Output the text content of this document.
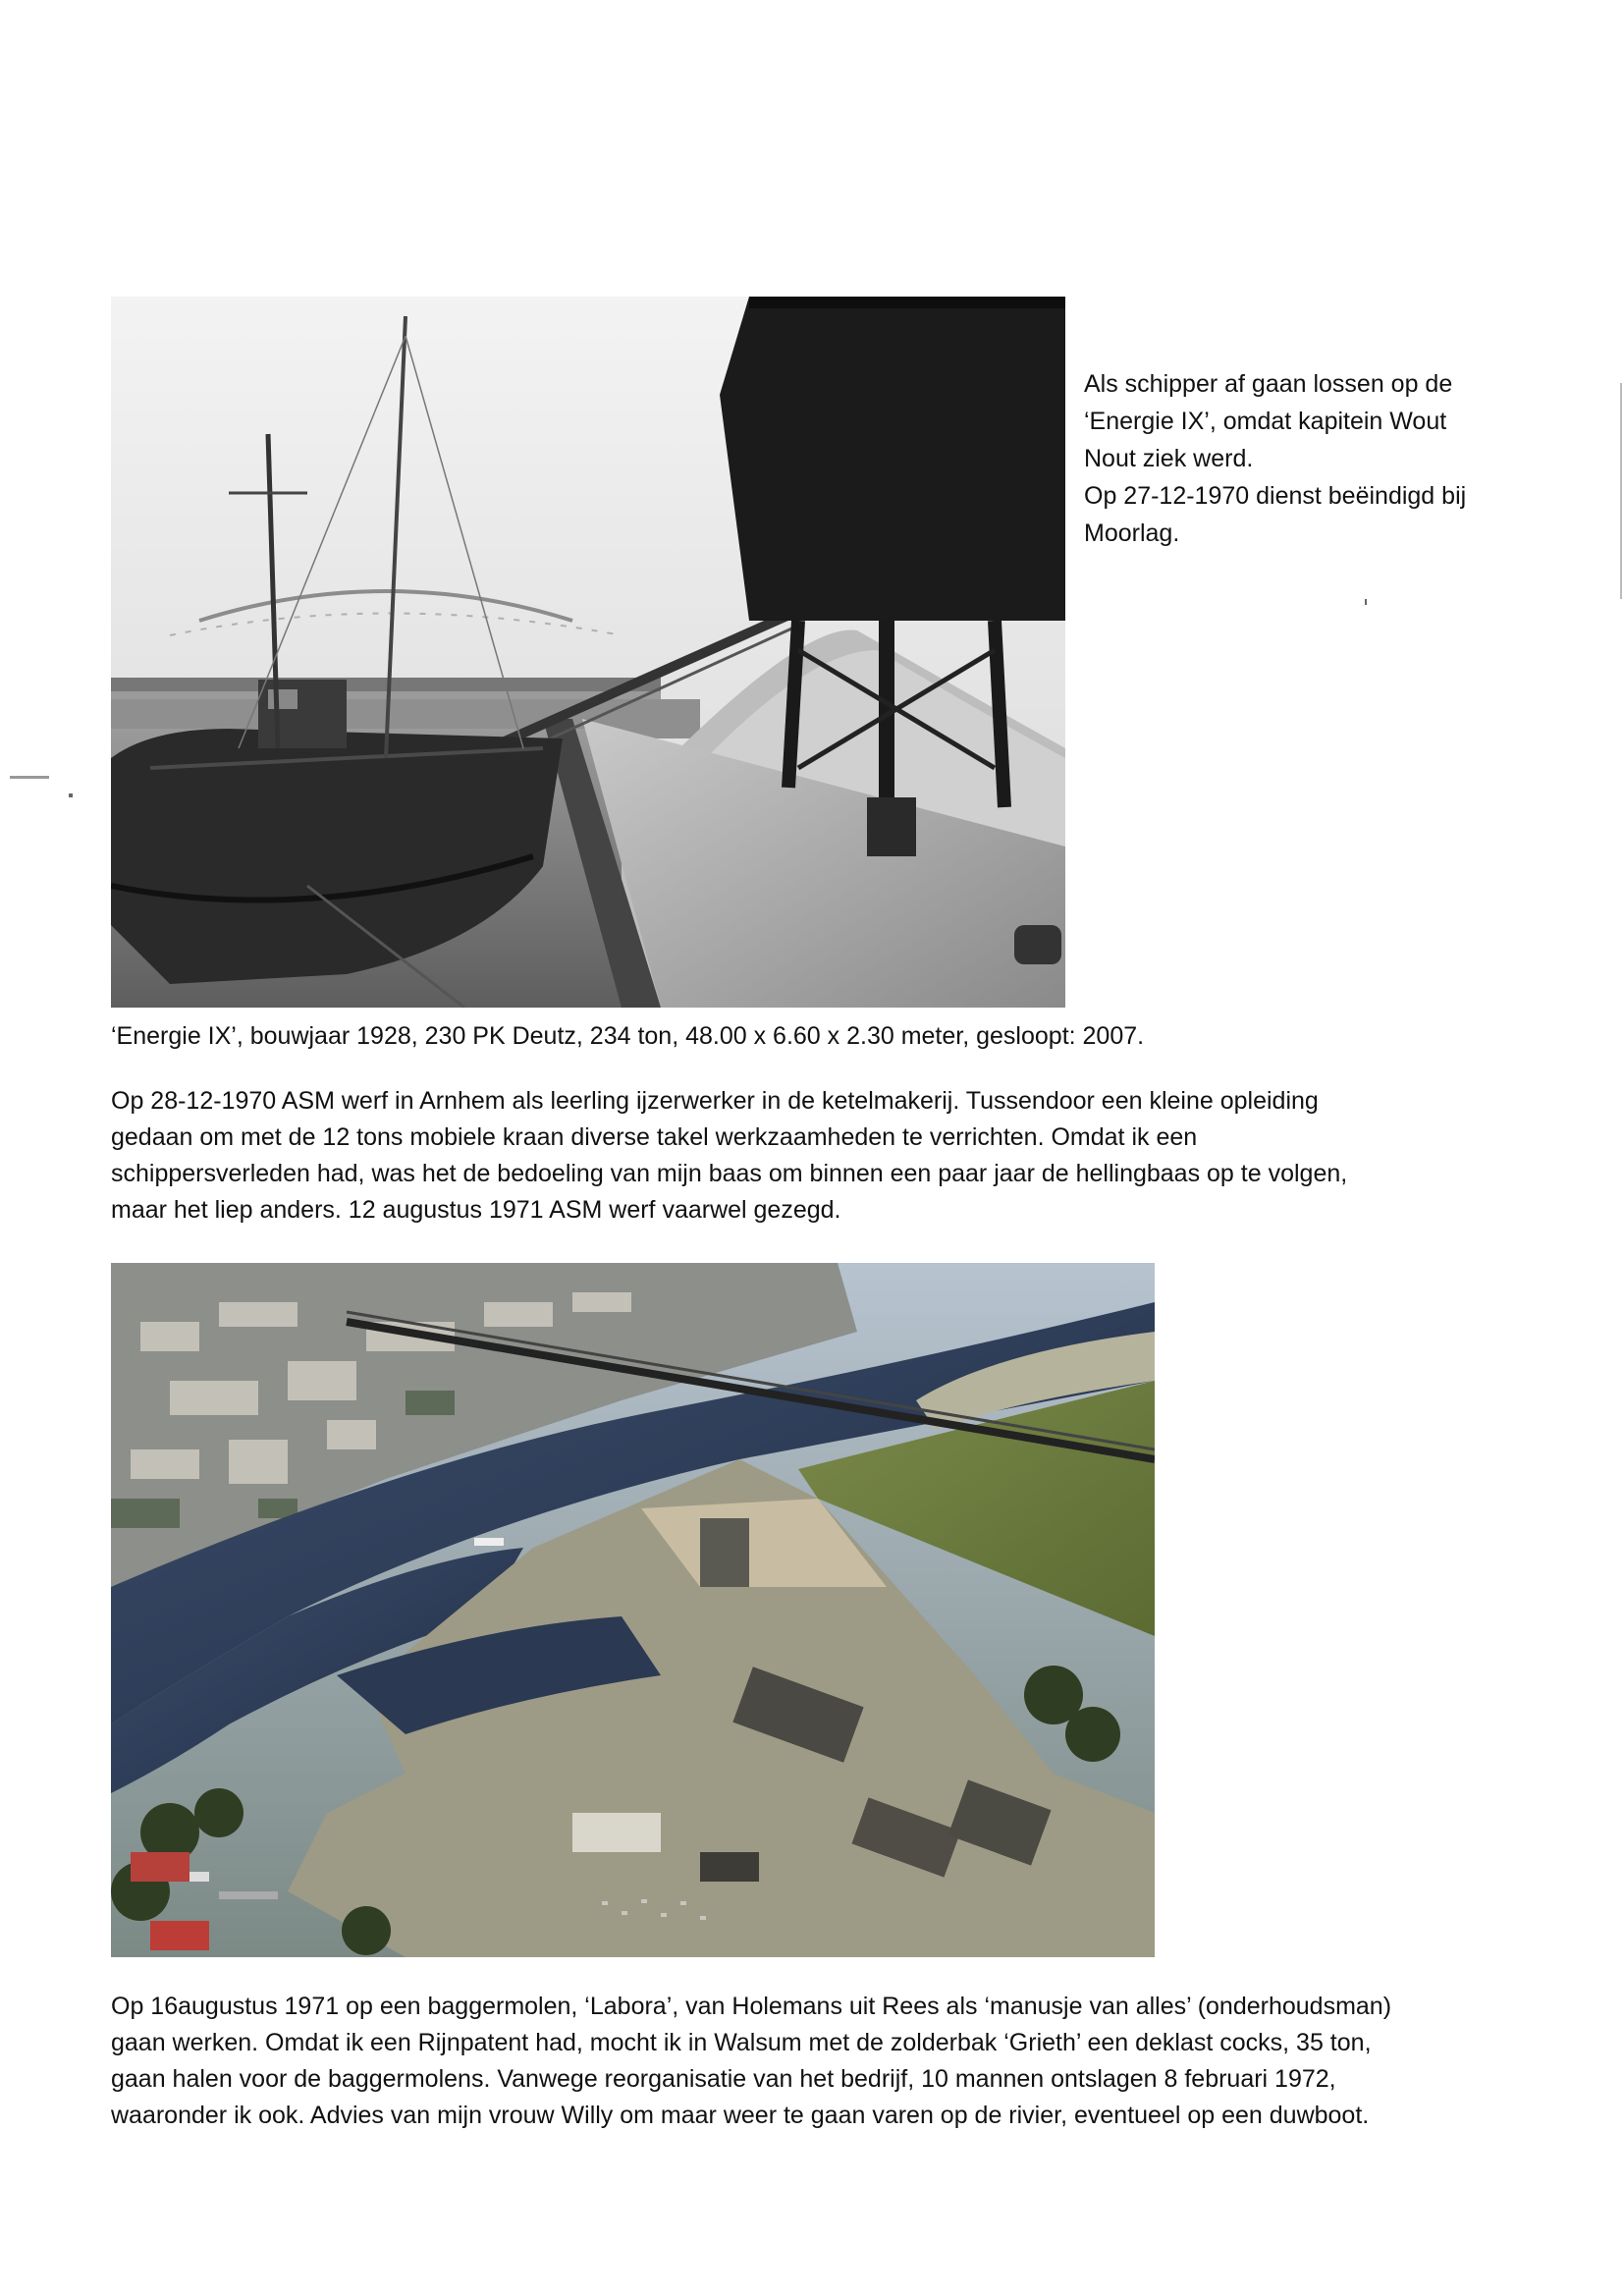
Als schipper af gaan lossen op de
‘Energie IX’, omdat kapitein Wout
Nout ziek werd.
Op 27-12-1970 dienst beëindigd bij
Moorlag.
‘Energie IX’, bouwjaar 1928, 230 PK Deutz, 234 ton, 48.00 x 6.60 x 2.30 meter, gesloopt: 2007.
Op 28-12-1970 ASM werf in Arnhem als leerling ijzerwerker in de ketelmakerij. Tussendoor een kleine opleiding
gedaan om met de 12 tons mobiele kraan diverse takel werkzaamheden te verrichten. Omdat ik een
schippersverleden had, was het de bedoeling van mijn baas om binnen een paar jaar de hellingbaas op te volgen,
maar het liep anders. 12 augustus 1971 ASM werf vaarwel gezegd.
Op 16augustus 1971 op een baggermolen, ‘Labora’, van Holemans uit Rees als ‘manusje van alles’ (onderhoudsman)
gaan werken. Omdat ik een Rijnpatent had, mocht ik in Walsum met de zolderbak ‘Grieth’ een deklast cocks, 35 ton,
gaan halen voor de baggermolens. Vanwege reorganisatie van het bedrijf, 10 mannen ontslagen 8 februari 1972,
waaronder ik ook. Advies van mijn vrouw Willy om maar weer te gaan varen op de rivier, eventueel op een duwboot.
